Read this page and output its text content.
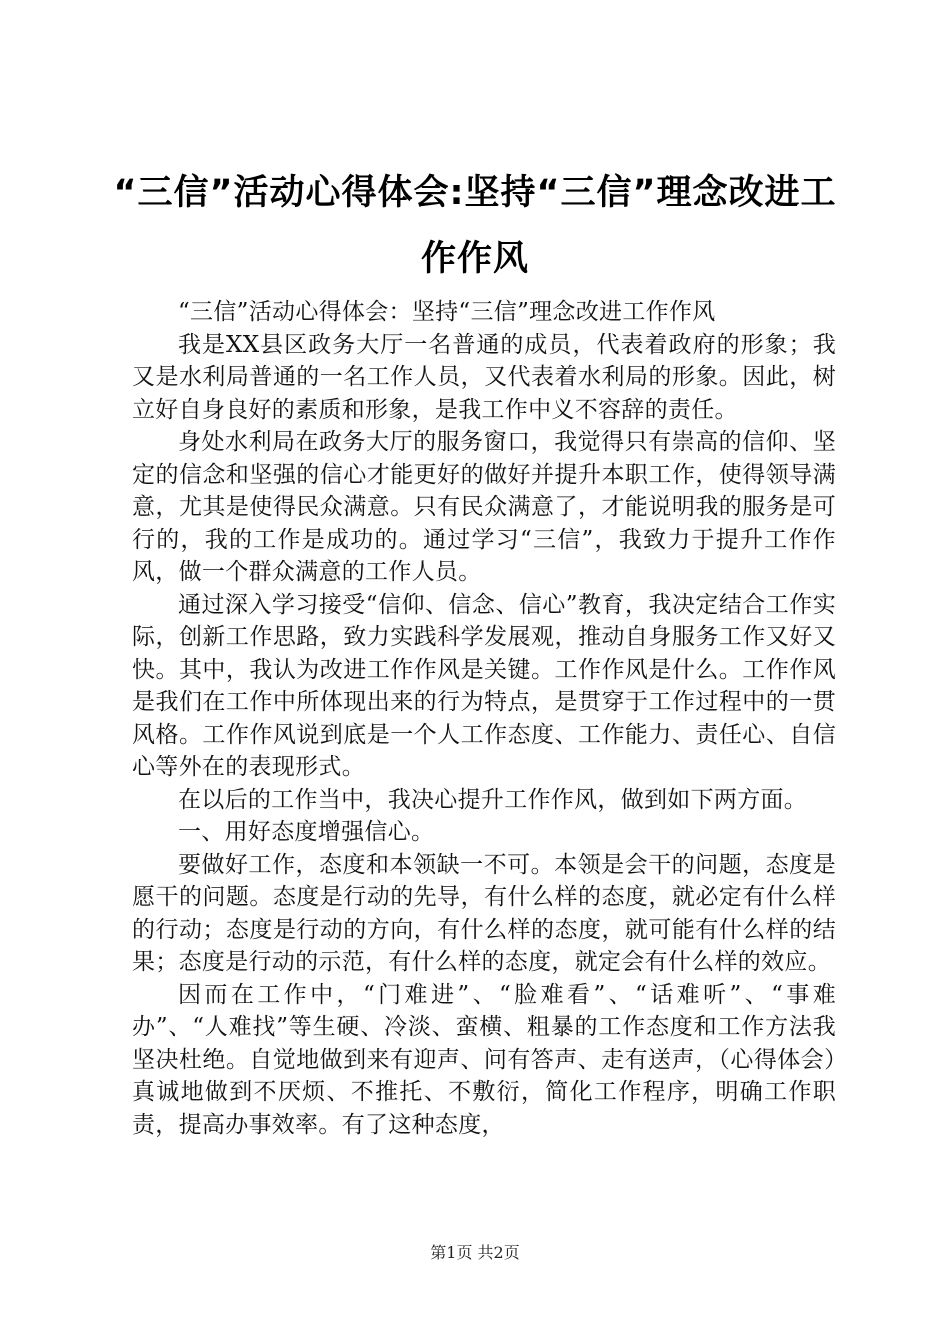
“三信”活动心得体会:坚持“三信”理念改进工作作风

“三信”活动心得体会：坚持“三信”理念改进工作作风

我是XX县区政务大厅一名普通的成员，代表着政府的形象；我又是水利局普通的一名工作人员，又代表着水利局的形象。因此，树立好自身良好的素质和形象，是我工作中义不容辞的责任。

身处水利局在政务大厅的服务窗口，我觉得只有崇高的信仰、坚定的信念和坚强的信心才能更好的做好并提升本职工作，使得领导满意，尤其是使得民众满意。只有民众满意了，才能说明我的服务是可行的，我的工作是成功的。通过学习“三信”，我致力于提升工作作风，做一个群众满意的工作人员。

通过深入学习接受“信仰、信念、信心”教育，我决定结合工作实际，创新工作思路，致力实践科学发展观，推动自身服务工作又好又快。其中，我认为改进工作作风是关键。工作作风是什么。工作作风是我们在工作中所体现出来的行为特点，是贯穿于工作过程中的一贯风格。工作作风说到底是一个人工作态度、工作能力、责任心、自信心等外在的表现形式。

在以后的工作当中，我决心提升工作作风，做到如下两方面。

一、用好态度增强信心。

要做好工作，态度和本领缺一不可。本领是会干的问题，态度是愿干的问题。态度是行动的先导，有什么样的态度，就必定有什么样的行动；态度是行动的方向，有什么样的态度，就可能有什么样的结果；态度是行动的示范，有什么样的态度，就定会有什么样的效应。

因而在工作中，“门难进”、“脸难看”、“话难听”、“事难办”、“人难找”等生硬、冷淡、蛮横、粗暴的工作态度和工作方法我坚决杜绝。自觉地做到来有迎声、问有答声、走有送声，（心得体会）真诚地做到不厌烦、不推托、不敷衍，简化工作程序，明确工作职责，提高办事效率。有了这种态度，

第1页 共2页
